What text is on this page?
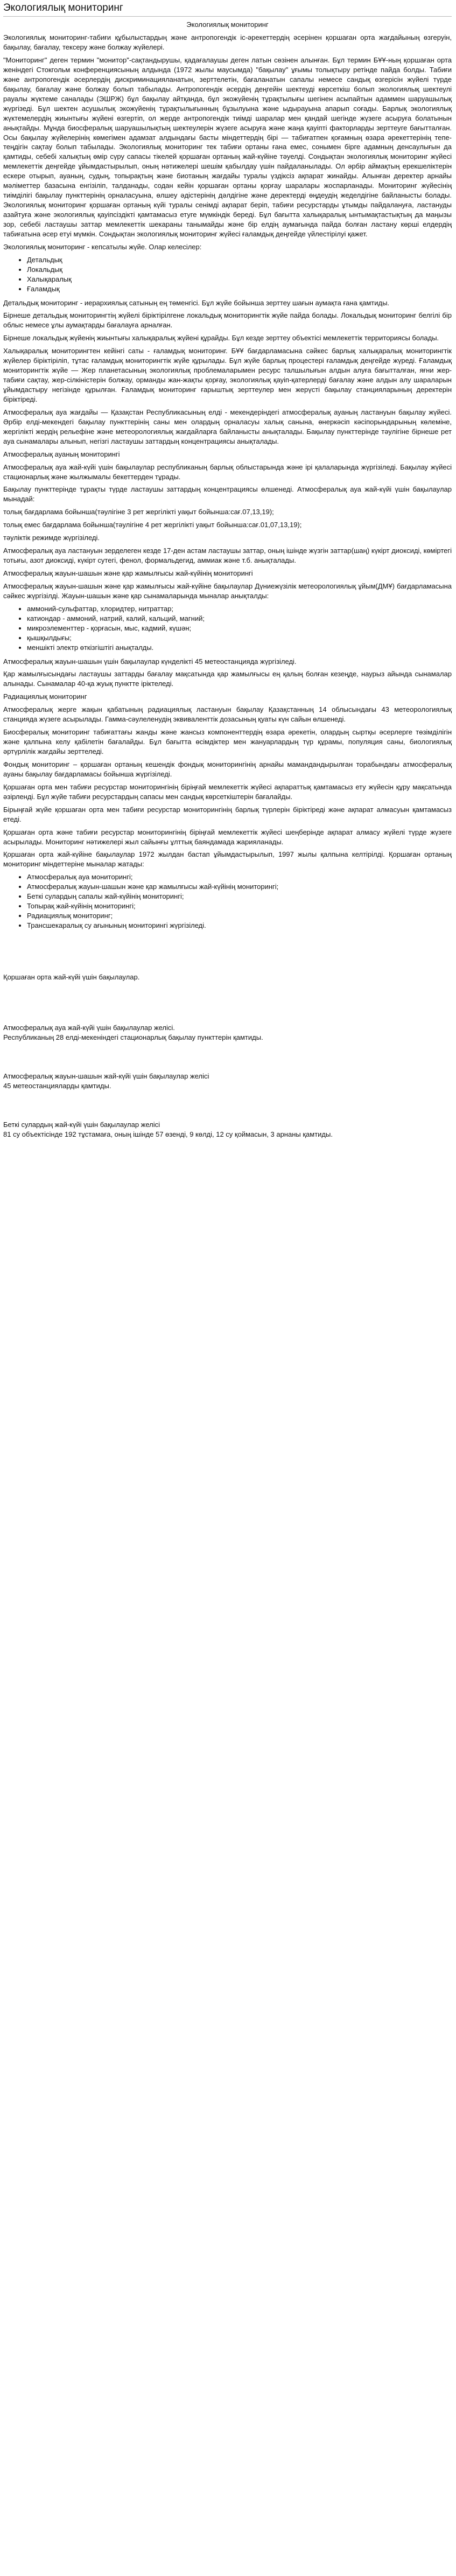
Экологиялық мониторинг
Экологиялық мониторинг

Экологиялық мониторинг-табиғи құбылыстардың және антропогендік іс-әрекеттердің әсерінен қоршаған орта жағдайының өзгеруін, бақылау, бағалау, тексеру және болжау жүйелері.

"Мониторинг" деген термин "монитор"-сақтандырушы, қадағалаушы деген латын сөзінен алынған. Бұл термин БҰҰ-ның қоршаған орта женіндегі Стокгольм конференциясының алдында (1972 жылы маусымда) "бақылау" ұғымы толықтыру ретінде пайда болды. Табиғи және антропогендік әсерлердің дискриминацияланатын, зерттелетін, бағаланатын сапалы немесе сандық өзгерісін жүйелі түрде бақылау, бағалау және болжау болып табылады. Антропогендік әсердің деңгейін шектеуді көрсеткіш болып экологиялық шектеулі рауалы жүктеме саналады (ЭШРЖ) бұл бақылау айтқанда, бұл экожүйенің тұрақтылығы шегінен асыпайтын адаммен шаруашылық жүргізеді. Бұл шектен асушылық экожүйенің тұрақтылығынның бұзылуына және ыдырауына апарып соғады. Барлық экологиялық жүктемелердің жиынтығы жүйені өзгертіп, ол жерде антропогендік тиімді шаралар мен қандай шегінде жүзеге асыруға болатынын анықтайды. Мұнда биосфералық шаруашылықтың шектеулерін жүзеге асыруға және жаңа қауіпті факторларды зерттеуге бағытталған. Осы бақылау жүйелерінің көмегімен адамзат алдындағы басты міндеттердің бірі — табиғатпен қоғамның өзара әрекеттерінің тепе-теңдігін сақтау болып табылады. Экологиялық мониторинг тек табиғи ортаны ғана емес, сонымен бірге адамның денсаулығын да қамтиды, себебі халықтың өмір сүру сапасы тікелей қоршаған ортаның жай-күйіне тәуелді. Сондықтан экологиялық мониторинг жүйесі мемлекеттік деңгейде ұйымдастырылып, оның нәтижелері шешім қабылдау үшін пайдаланылады. Ол әрбір аймақтың ерекшеліктерін ескере отырып, ауаның, судың, топырақтың және биотаның жағдайы туралы үздіксіз ақпарат жинайды. Алынған деректер арнайы мәліметтер базасына енгізіліп, талданады, содан кейін қоршаған ортаны қорғау шаралары жоспарланады. Мониторинг жүйесінің тиімділігі бақылау пункттерінің орналасуына, өлшеу әдістерінің дәлдігіне және деректерді өңдеудің жеделдігіне байланысты болады. Экологиялық мониторинг қоршаған ортаның күйі туралы сенімді ақпарат беріп, табиғи ресурстарды ұтымды пайдалануға, ластануды азайтуға және экологиялық қауіпсіздікті қамтамасыз етуге мүмкіндік береді. Бұл бағытта халықаралық ынтымақтастықтың да маңызы зор, себебі ластаушы заттар мемлекеттік шекараны танымайды және бір елдің аумағында пайда болған ластану көрші елдердің табиғатына әсер етуі мүмкін. Сондықтан экологиялық мониторинг жүйесі ғаламдық деңгейде үйлестірілуі қажет.

Экологиялық мониторинг - кепсатылы жүйе. Олар келесілер:

• Детальдық
• Локальдық
• Халықаралық
• Ғаламдық

Детальдық мониторинг - иерархиялық сатының ең төменгісі. Бұл жүйе бойынша зерттеу шағын аумақта ғана қамтиды.

Бірнеше детальдық мониторингтің жүйелі біріктірілгене локальдық мониторингтік жүйе пайда болады. Локальдық мониторинг белгілі бір облыс немесе ұлы аумақтарды бағалауға арналған.

Бірнеше локальдық жүйенің жиынтығы халықаралық жүйені құрайды. Бұл кезде зерттеу объектісі мемлекеттік территориясы болады.

Халықаралық мониторингтен кейінгі саты - ғаламдық мониторинг. БҰҰ бағдарламасына сәйкес барлық халықаралық мониторингтік жүйелер біріктіріліп, тұтас ғаламдық мониторингтік жүйе құрылады. Бұл жүйе барлық процестері ғаламдық деңгейде жүреді. Ғаламдық мониторингтік жүйе — Жер планетасының экологиялық проблемаларымен ресурс талшылығын алдын алуға бағытталған, яғни жер-табиғи сақтау, жер-сілкіністерін болжау, орманды жан-жақты қорғау, экологиялық қауіп-қатерлерді бағалау және алдын алу шараларын ұйымдастыру негізінде құрылған. Ғаламдық мониторинг ғарыштық зерттеулер мен жерүсті бақылау станцияларының деректерін біріктіреді.

Атмосфералық ауа жағдайы — Қазақстан Республикасының елді - мекендеріндегі атмосфералық ауаның ластануын бақылау жүйесі. Әрбір елді-мекендегі бақылау пункттерінің саны мен олардың орналасуы халық санына, өнеркәсіп кәсіпорындарының көлеміне, жергілікті жердің рельефіне және метеорологиялық жағдайларға байланысты анықталады. Бақылау пункттерінде тәулігіне бірнеше рет ауа сынамалары алынып, негізгі ластаушы заттардың концентрациясы анықталады.

Атмосфералық ауаның мониторингі

Атмосфералық ауа жай-күйі үшін бақылаулар республиканың барлық облыстарында және ірі қалаларында жүргізіледі. Бақылау жүйесі стационарлық және жылжымалы бекеттерден тұрады.

Бақылау пункттерінде тұрақты түрде ластаушы заттардың концентрациясы өлшенеді. Атмосфералық ауа жай-күйі үшін бақылаулар мынадай:

толық бағдарлама бойынша(тәулігіне 3 рет жергілікті уақыт бойынша:сағ.07,13,19);

толық емес бағдарлама бойынша(тәулігіне 4 рет жергілікті уақыт бойынша:сағ.01,07,13,19);

тәуліктік режимде жүргізіледі.

Атмосфералық ауа ластануын зерделеген кезде 17-ден астам ластаушы заттар, оның ішінде жүзгін заттар(шаң) күкірт диоксиді, көміртегі тотығы, азот диоксиді, күкірт сутегі, фенол, формальдегид, аммиак және т.б. анықталады.

Атмосфералық жауын-шашын және қар жамылғысы жай-күйінің мониторингі

Атмосфералық жауын-шашын және қар жамылғысы жай-күйіне бақылаулар Дүниежүзілік метеорологиялық ұйым(ДМҰ) бағдарламасына сәйкес жүргізілді. Жауын-шашын және қар сынамаларында мыналар анықталды:

• аммоний-сульфаттар, хлоридтер, нитраттар;
• катиондар - аммоний, натрий, калий, кальций, магний;
• микроэлементтер - қорғасын, мыс, кадмий, күшән;
• қышқылдығы;
• меншікті электр өткізгіштігі анықталды.

Атмосфералық жауын-шашын үшін бақылаулар күнделікті 45 метеостанцияда жүргізіледі.

Қар жамылғысындағы ластаушы заттарды бағалау мақсатында қар жамылғысы ең қалың болған кезеңде, наурыз айында сынамалар алынады. Сынамалар 40-қа жуық пунктте іріктеледі.

Радиациялық мониторинг

Атмосфералық жерге жақын қабатының радиациялық ластануын бақылау Қазақстанның 14 облысындағы 43 метеорологиялық станцияда жүзеге асырылады. Гамма-сәулеленудің эквиваленттік дозасының қуаты күн сайын өлшенеді.

Биосфералық мониторинг табиғаттағы жанды және жансыз компоненттердің өзара әрекетін, олардың сыртқы әсерлерге төзімділігін және қалпына келу қабілетін бағалайды. Бұл бағытта өсімдіктер мен жануарлардың түр құрамы, популяция саны, биологиялық әртүрлілік жағдайы зерттеледі.

Фондық мониторинг – қоршаған ортаның кешендік фондық мониторингінің арнайы мамандандырылған торабындағы атмосфералық ауаны бақылау бағдарламасы бойынша жүргізіледі.

Қоршаған орта мен табиғи ресурстар мониторингінің біріңғай мемлекеттік жүйесі ақпараттық қамтамасыз ету жүйесін құру мақсатында әзірленді. Бұл жүйе табиғи ресурстардың сапасы мен сандық көрсеткіштерін бағалайды.

Бірыңғай жүйе қоршаған орта мен табиғи ресурстар мониторингінің барлық түрлерін біріктіреді және ақпарат алмасуын қамтамасыз етеді.

Қоршаған орта және табиғи ресурстар мониторингінің біріңғай мемлекеттік жүйесі шеңберінде ақпарат алмасу жүйелі түрде жүзеге асырылады. Мониторинг нәтижелері жыл сайынғы ұлттық баяндамада жарияланады.

Қоршаған орта жай-күйіне бақылаулар 1972 жылдан бастап ұйымдастырылып, 1997 жылы қалпына келтірілді. Қоршаған ортаның мониторинг міндеттеріне мыналар жатады:

• Атмосфералық ауа мониторингі;
• Атмосфералық жауын-шашын және қар жамылғысы жай-күйінің мониторингі;
• Беткі сулардың сапалы жай-күйінің мониторингі;
• Топырақ жай-күйінің мониторингі;
• Радиациялық мониторинг;
• Трансшекаралық су ағынының мониторингі жүргізіледі.

Қоршаған орта жай-күйі үшін бақылаулар.

Атмосфералық ауа жай-күйі үшін бақылаулар желісі.
Республиканың 28 елді-мекеніндегі стационарлық бақылау пункттерін қамтиды.

Атмосфералық жауын-шашын жай-күйі үшін бақылаулар желісі
45 метеостанцияларды қамтиды.

Беткі сулардың жай-күйі үшін бақылаулар желісі
81 су объектісінде 192 тұстамаға, оның ішінде 57 өзенді, 9 көлді, 12 су қоймасын, 3 арнаны қамтиды.
